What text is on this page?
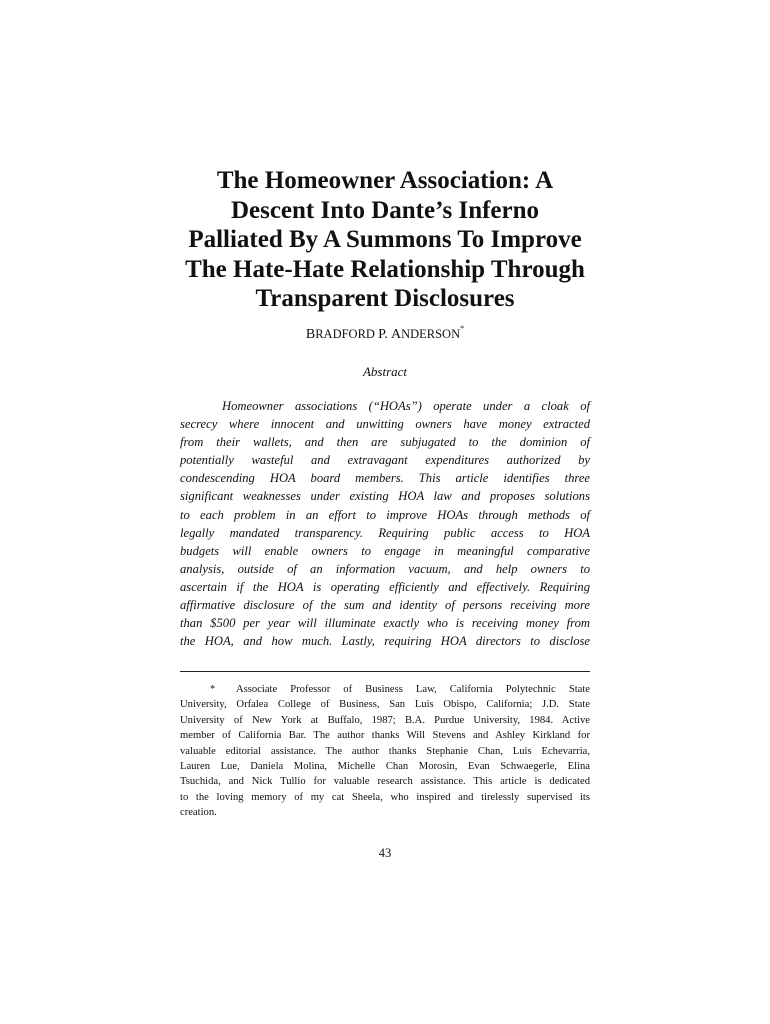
The Homeowner Association: A
Descent Into Dante’s Inferno
Palliated By A Summons To Improve
The Hate-Hate Relationship Through
Transparent Disclosures
BRADFORD P. ANDERSON*
Abstract
Homeowner associations (“HOAs”) operate under a cloak of
secrecy where innocent and unwitting owners have money extracted
from their wallets, and then are subjugated to the dominion of
potentially wasteful and extravagant expenditures authorized by
condescending HOA board members. This article identifies three
significant weaknesses under existing HOA law and proposes solutions
to each problem in an effort to improve HOAs through methods of
legally mandated transparency. Requiring public access to HOA
budgets will enable owners to engage in meaningful comparative
analysis, outside of an information vacuum, and help owners to
ascertain if the HOA is operating efficiently and effectively. Requiring
affirmative disclosure of the sum and identity of persons receiving more
than $500 per year will illuminate exactly who is receiving money from
the HOA, and how much. Lastly, requiring HOA directors to disclose
* Associate Professor of Business Law, California Polytechnic State
University, Orfalea College of Business, San Luis Obispo, California; J.D. State
University of New York at Buffalo, 1987; B.A. Purdue University, 1984. Active
member of California Bar. The author thanks Will Stevens and Ashley Kirkland for
valuable editorial assistance. The author thanks Stephanie Chan, Luis Echevarria,
Lauren Lue, Daniela Molina, Michelle Chan Morosin, Evan Schwaegerle, Elina
Tsuchida, and Nick Tullio for valuable research assistance. This article is dedicated
to the loving memory of my cat Sheela, who inspired and tirelessly supervised its
creation.
43
